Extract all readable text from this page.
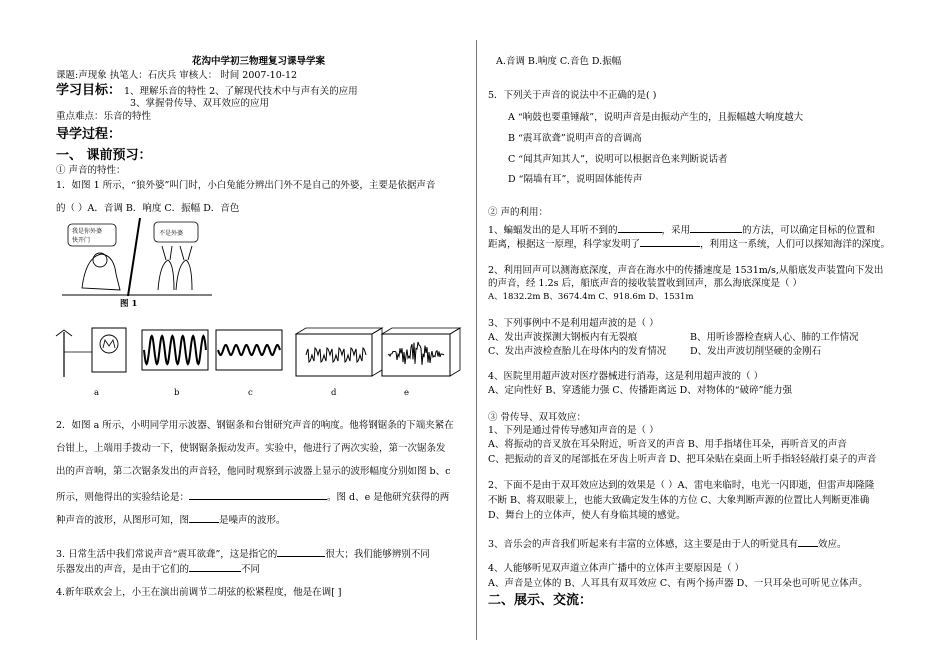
花沟中学初三物理复习课导学案
课题:声现象 执笔人：石庆兵 审核人： 时间 2007-10-12
学习目标： 1、理解乐音的特性 2、了解现代技术中与声有关的应用
3、掌握骨传导、双耳效应的应用
重点难点：乐音的特性
导学过程：
一、 课前预习：
① 声音的特性：
1．如图 1 所示，“狼外婆”叫门时，小白兔能分辨出门外不是自己的外婆，主要是依据声音
的（ ）A．音调 B．响度 C．振幅 D．音色
我是你外婆
快开门
不是外婆
图 1
a	b	c	d	e
2．如图 a 所示，小明同学用示波器、钢锯条和台钳研究声音的响度。他将钢锯条的下端夹紧在
台钳上，上端用手拨动一下，使钢锯条振动发声。实验中，他进行了两次实验，第一次锯条发
出的声音响，第二次锯条发出的声音轻，他同时观察到示波器上显示的波形幅度分别如图 b、c
所示，则他得出的实验结论是：	。图 d、e 是他研究获得的两
种声音的波形，从图形可知，图	是噪声的波形。
3. 日常生活中我们常说声音“震耳欲聋”，这是指它的	很大；我们能够辨别不同
乐器发出的声音，是由于它们的	不同
4.新年联欢会上，小王在演出前调节二胡弦的松紧程度，他是在调[ ]
A.音调 B.响度 C.音色 D.振幅
5．下列关于声音的说法中不正确的是( )
A “响鼓也要重锤敲”，说明声音是由振动产生的，且振幅越大响度越大
B “震耳欲聋”说明声音的音调高
C “闻其声知其人”，说明可以根据音色来判断说话者
D “隔墙有耳”，说明固体能传声
② 声的利用：
1、蝙蝠发出的是人耳听不到的	，采用	的方法，可以确定目标的位置和
距离，根据这一原理，科学家发明了	，利用这一系统，人们可以探知海洋的深度。
2、利用回声可以测海底深度，声音在海水中的传播速度是 1531m/s,从船底发声装置向下发出
的声音，经 1.2s 后，船底声音的接收装置收到回声，那么海底深度是（ ）
A、1832.2m B、3674.4m C、918.6m D、1531m
3、下列事例中不是利用超声波的是（ ）
A、发出声波探测大钢板内有无裂痕	B、用听诊器检查病人心、肺的工作情况
C、发出声波检查胎儿在母体内的发育情况 D、发出声波切削坚硬的金刚石
4、医院里用超声波对医疗器械进行消毒，这是利用超声波的（ ）
A、定向性好 B、穿透能力强 C、传播距离远 D、对物体的“破碎”能力强
③ 骨传导、双耳效应：
1、下列是通过骨传导感知声音的是（ ）
A、将振动的音叉放在耳朵附近，听音叉的声音 B、用手指堵住耳朵，再听音叉的声音
C、把振动的音叉的尾部抵在牙齿上听声音 D、把耳朵贴在桌面上听手指轻轻敲打桌子的声音
2、下面不是由于双耳效应达到的效果是（ ）A、雷电来临时，电光一闪即逝，但雷声却隆隆
不断 B、将双眼蒙上，也能大致确定发生体的方位 C、大象判断声源的位置比人判断更准确
D、舞台上的立体声，使人有身临其境的感觉。
3、音乐会的声音我们听起来有丰富的立体感，这主要是由于人的听觉具有 效应。
4、人能够听见双声道立体声广播中的立体声主要原因是（ ）
A、声音是立体的 B、人耳具有双耳效应 C、有两个扬声器 D、一只耳朵也可听见立体声。
二、展示、交流：
